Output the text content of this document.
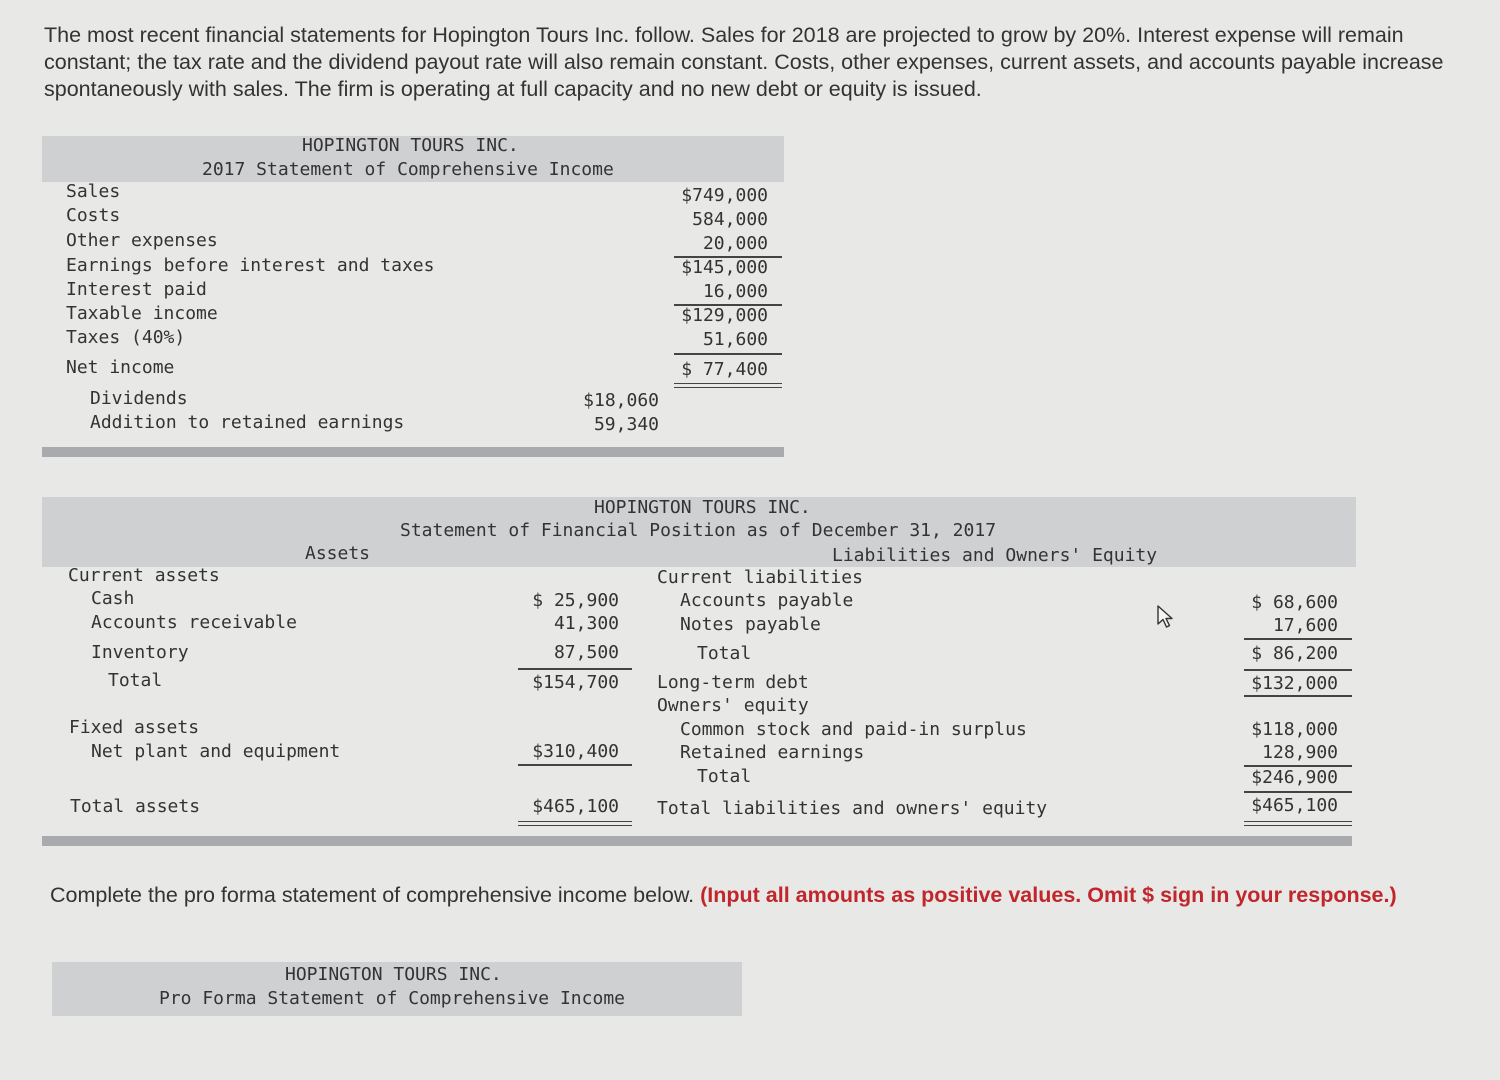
The most recent financial statements for Hopington Tours Inc. follow. Sales for 2018 are projected to grow by 20%. Interest expense will remain constant; the tax rate and the dividend payout rate will also remain constant. Costs, other expenses, current assets, and accounts payable increase spontaneously with sales. The firm is operating at full capacity and no new debt or equity is issued.
HOPINGTON TOURS INC.
2017 Statement of Comprehensive Income
Sales	$749,000
Costs	584,000
Other expenses	20,000
Earnings before interest and taxes	$145,000
Interest paid	16,000
Taxable income	$129,000
Taxes (40%)	51,600
Net income	$ 77,400
Dividends	$18,060
Addition to retained earnings	59,340
HOPINGTON TOURS INC.
Statement of Financial Position as of December 31, 2017
Assets	Liabilities and Owners' Equity
Current assets
Cash	$ 25,900
Accounts receivable	41,300
Inventory	87,500
Total	$154,700
Fixed assets
Net plant and equipment	$310,400
Total assets	$465,100
Current liabilities
Accounts payable	$ 68,600
Notes payable	17,600
Total	$ 86,200
Long-term debt	$132,000
Owners' equity
Common stock and paid-in surplus	$118,000
Retained earnings	128,900
Total	$246,900
Total liabilities and owners' equity	$465,100
Complete the pro forma statement of comprehensive income below. (Input all amounts as positive values. Omit $ sign in your response.)
HOPINGTON TOURS INC.
Pro Forma Statement of Comprehensive Income
